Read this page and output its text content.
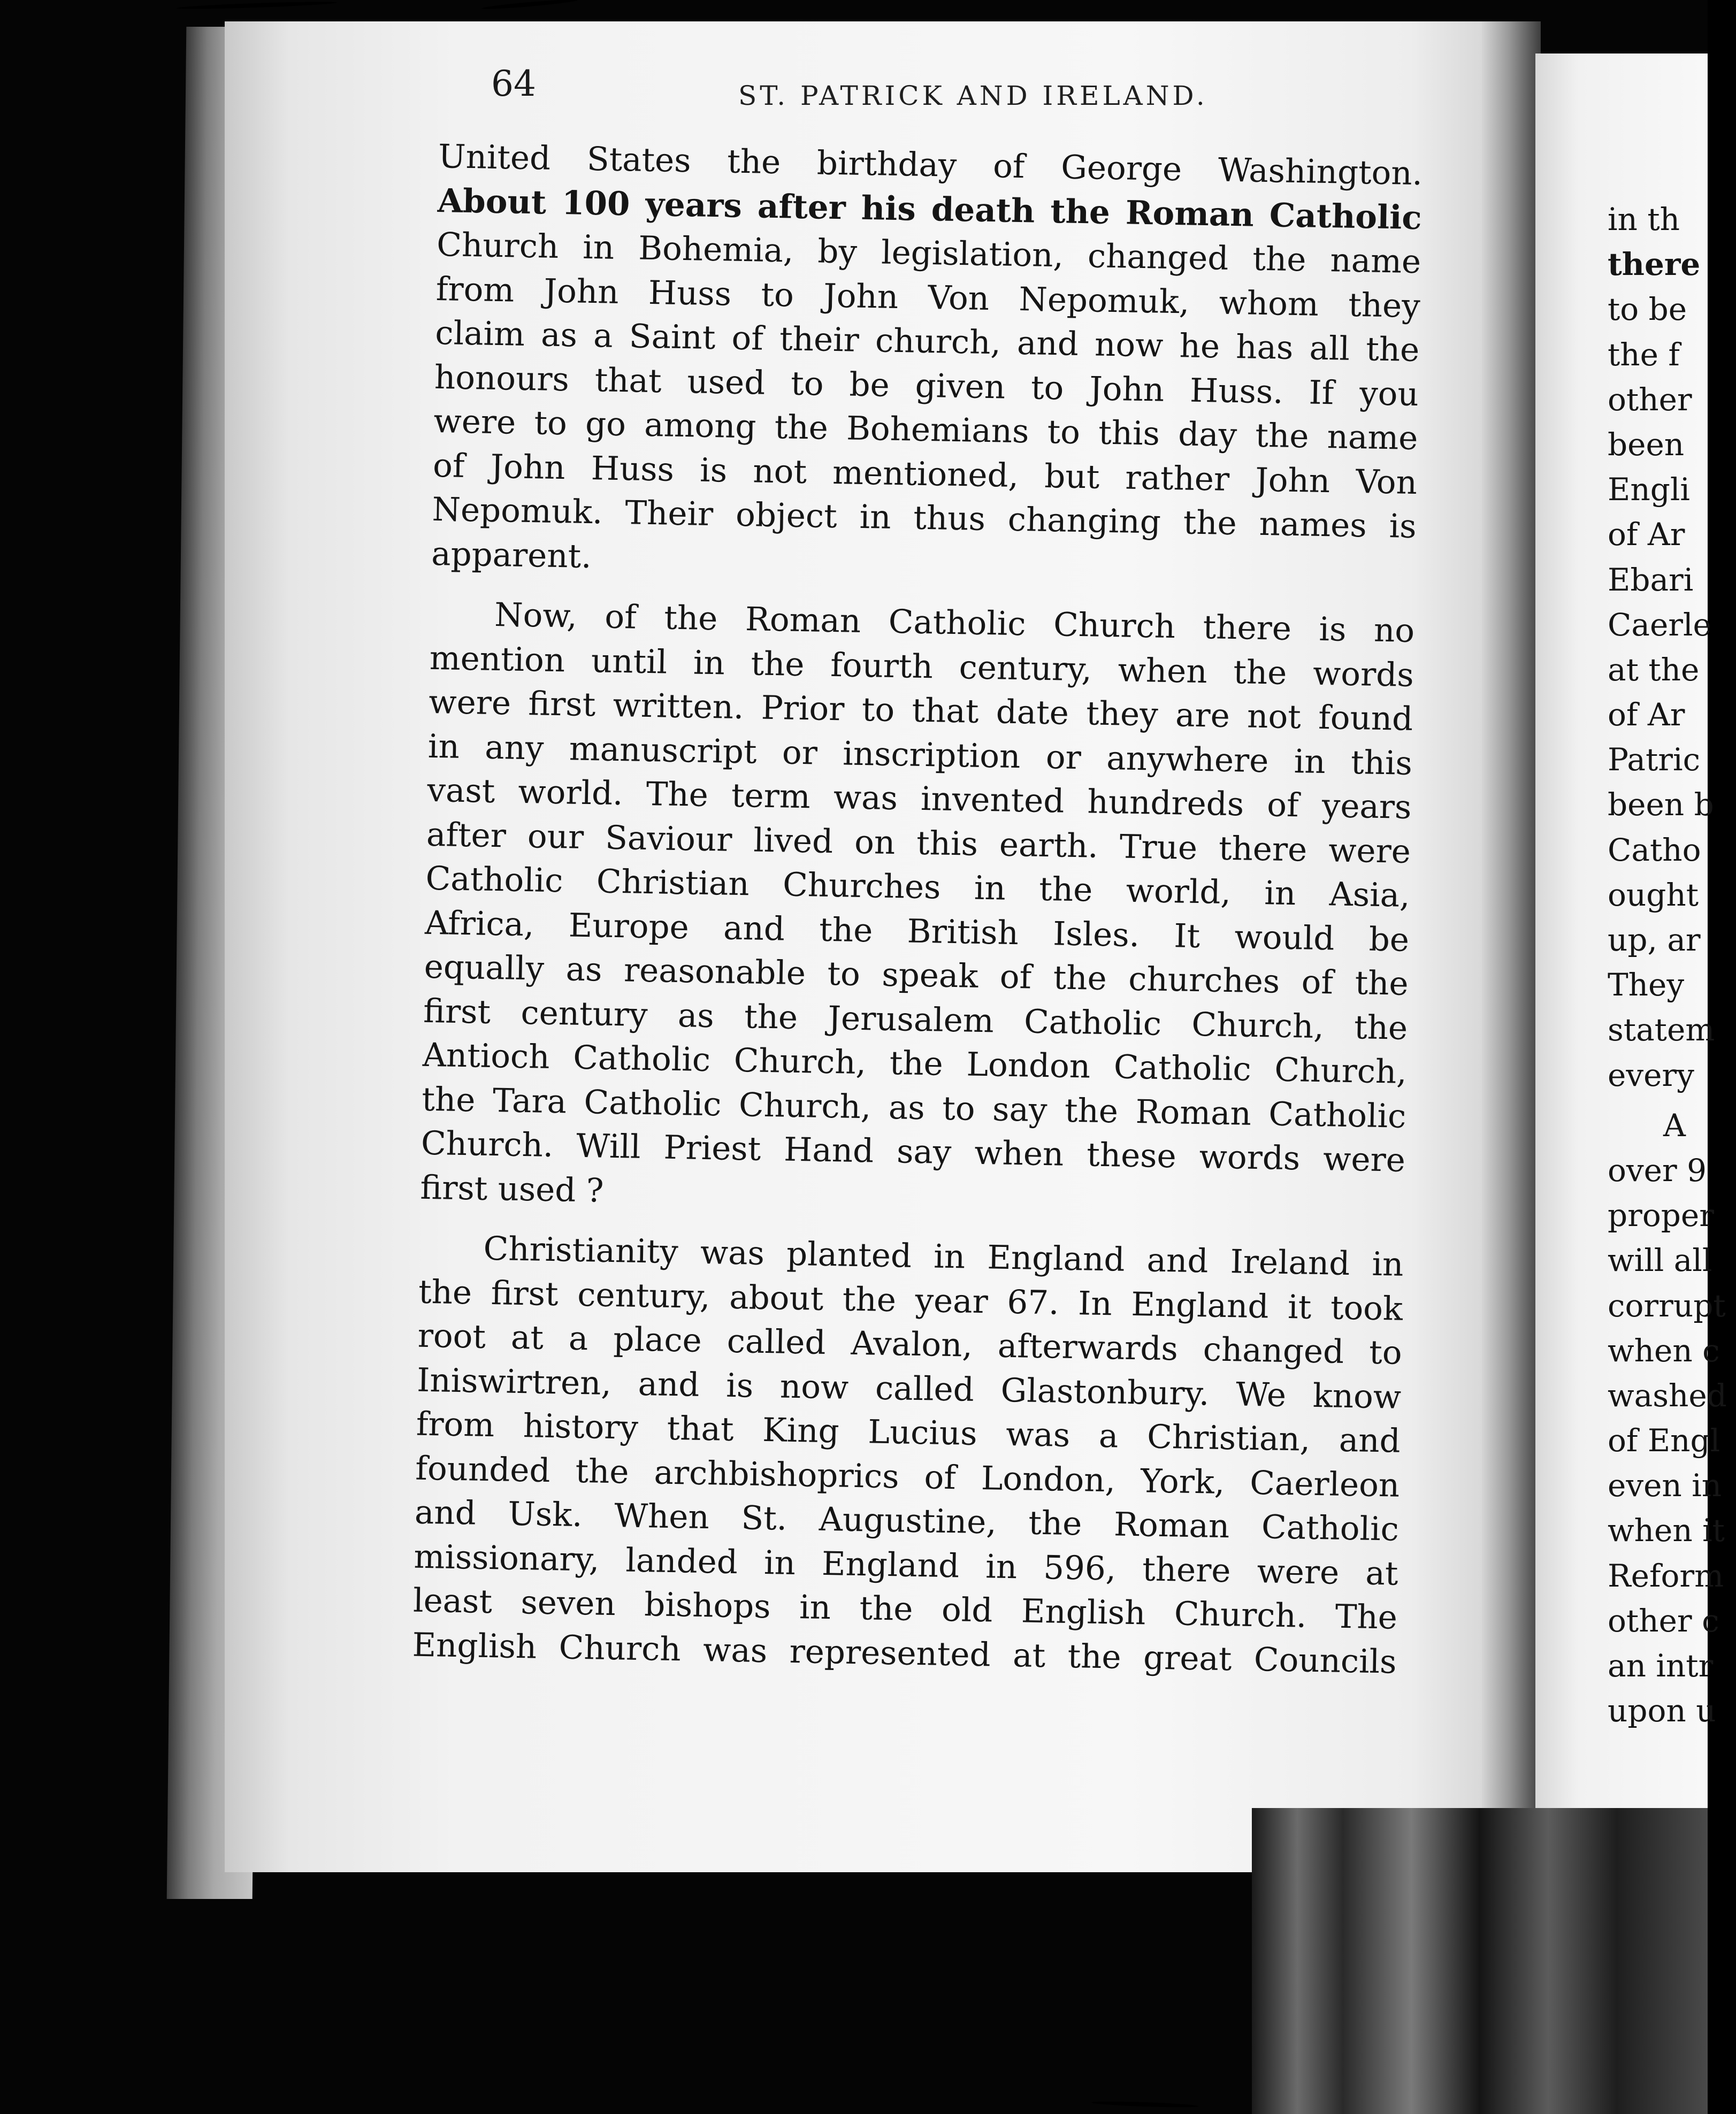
64	ST. PATRICK AND IRELAND.

United States the birthday of George Washington.

About 100 years after his death the Roman Catholic

Church in Bohemia, by legislation, changed the name

from John Huss to John Von Nepomuk, whom they

claim as a Saint of their church, and now he has all the

honours that used to be given to John Huss. If you

were to go among the Bohemians to this day the name

of John Huss is not mentioned, but rather John Von

Nepomuk. Their object in thus changing the names is

apparent.

Now, of the Roman Catholic Church there is no

mention until in the fourth century, when the words

were first written. Prior to that date they are not found

in any manuscript or inscription or anywhere in this

vast world. The term was invented hundreds of years

after our Saviour lived on this earth. True there were

Catholic Christian Churches in the world, in Asia,

Africa, Europe and the British Isles. It would be

equally as reasonable to speak of the churches of the

first century as the Jerusalem Catholic Church, the

Antioch Catholic Church, the London Catholic Church,

the Tara Catholic Church, as to say the Roman Catholic

Church. Will Priest Hand say when these words were

first used ?

Christianity was planted in England and Ireland in

the first century, about the year 67. In England it took

root at a place called Avalon, afterwards changed to

Iniswirtren, and is now called Glastonbury. We know

from history that King Lucius was a Christian, and

founded the archbishoprics of London, York, Caerleon

and Usk. When St. Augustine, the Roman Catholic

missionary, landed in England in 596, there were at

least seven bishops in the old English Church. The

English Church was represented at the great Councils

in th

there

to be

the f

other

been

Engli

of Ar

Ebari

Caerle

at the

of Ar

Patric

been b

Catho

ought

up, ar

They

statem

every

A

over 9

proper

will all

corrupt

when c

washed

of Engl

even in

when it

Reform

other c

an intr

upon u
